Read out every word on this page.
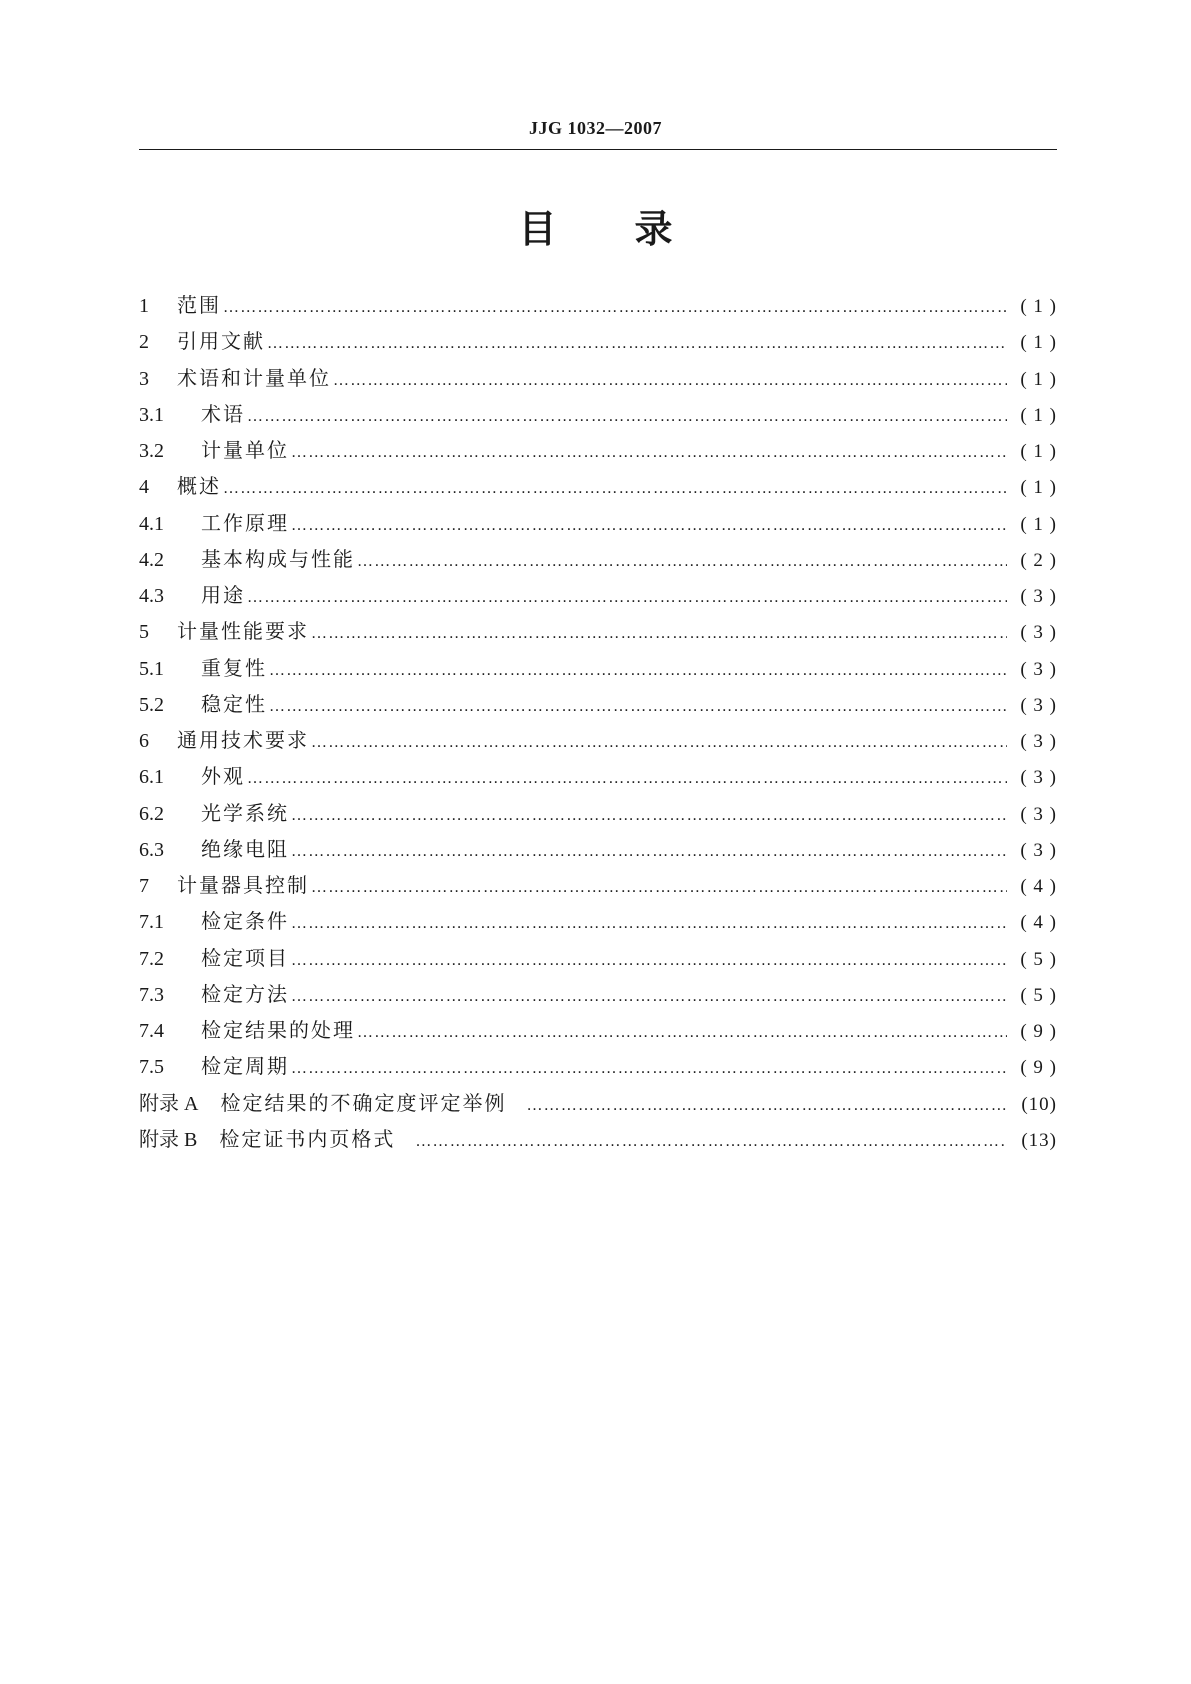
JJG 1032—2007
目录
1	范围 ………………………………………………………………………………………………………………………………………………………………………………………………………………………………………………………………	( 1 )
2	引用文献 ………………………………………………………………………………………………………………………………………………………………………………………………………………………………………………………………	( 1 )
3	术语和计量单位 ………………………………………………………………………………………………………………………………………………………………………………………………………………………………………………………………	( 1 )
3.1	术语 ………………………………………………………………………………………………………………………………………………………………………………………………………………………………………………………………	( 1 )
3.2	计量单位 ………………………………………………………………………………………………………………………………………………………………………………………………………………………………………………………………	( 1 )
4	概述 ………………………………………………………………………………………………………………………………………………………………………………………………………………………………………………………………	( 1 )
4.1	工作原理 ………………………………………………………………………………………………………………………………………………………………………………………………………………………………………………………………	( 1 )
4.2	基本构成与性能 ………………………………………………………………………………………………………………………………………………………………………………………………………………………………………………………………	( 2 )
4.3	用途 ………………………………………………………………………………………………………………………………………………………………………………………………………………………………………………………………	( 3 )
5	计量性能要求 ………………………………………………………………………………………………………………………………………………………………………………………………………………………………………………………………	( 3 )
5.1	重复性 ………………………………………………………………………………………………………………………………………………………………………………………………………………………………………………………………	( 3 )
5.2	稳定性 ………………………………………………………………………………………………………………………………………………………………………………………………………………………………………………………………	( 3 )
6	通用技术要求 ………………………………………………………………………………………………………………………………………………………………………………………………………………………………………………………………	( 3 )
6.1	外观 ………………………………………………………………………………………………………………………………………………………………………………………………………………………………………………………………	( 3 )
6.2	光学系统 ………………………………………………………………………………………………………………………………………………………………………………………………………………………………………………………………	( 3 )
6.3	绝缘电阻 ………………………………………………………………………………………………………………………………………………………………………………………………………………………………………………………………	( 3 )
7	计量器具控制 ………………………………………………………………………………………………………………………………………………………………………………………………………………………………………………………………	( 4 )
7.1	检定条件 ………………………………………………………………………………………………………………………………………………………………………………………………………………………………………………………………	( 4 )
7.2	检定项目 ………………………………………………………………………………………………………………………………………………………………………………………………………………………………………………………………	( 5 )
7.3	检定方法 ………………………………………………………………………………………………………………………………………………………………………………………………………………………………………………………………	( 5 )
7.4	检定结果的处理 ………………………………………………………………………………………………………………………………………………………………………………………………………………………………………………………………	( 9 )
7.5	检定周期 ………………………………………………………………………………………………………………………………………………………………………………………………………………………………………………………………	( 9 )
附录 A	检定结果的不确定度评定举例 ………………………………………………………………………………………………………………………………………………………………………………………………………………………………………………………………	(10)
附录 B	检定证书内页格式 ………………………………………………………………………………………………………………………………………………………………………………………………………………………………………………………………	(13)
